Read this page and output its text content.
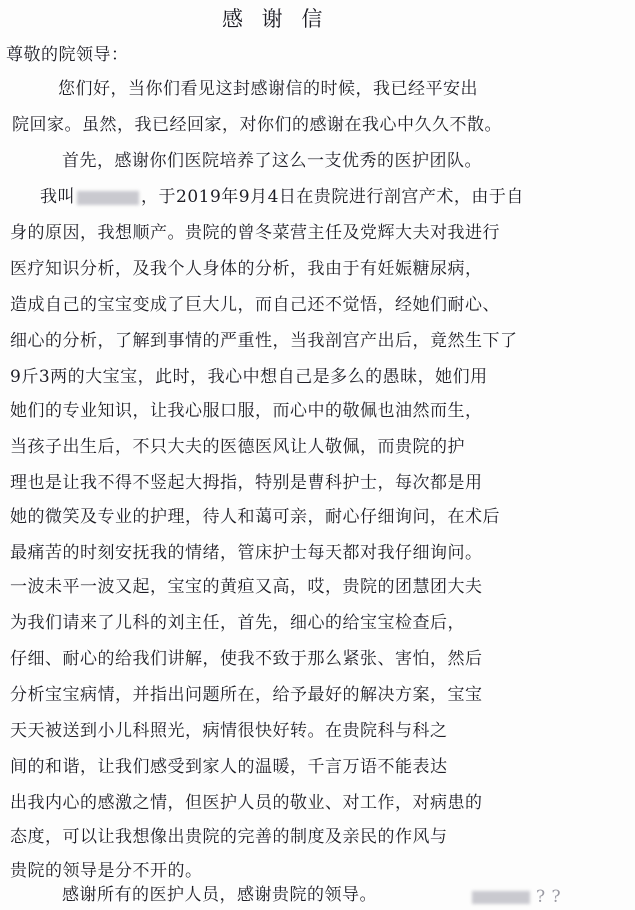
感 谢 信
尊敬的院领导：
您们好，当你们看见这封感谢信的时候，我已经平安出
院回家。虽然，我已经回家，对你们的感谢在我心中久久不散。
首先，感谢你们医院培养了这么一支优秀的医护团队。
我叫	，于2019年9月4日在贵院进行剖宫产术，由于自
身的原因，我想顺产。贵院的曾冬菜营主任及党辉大夫对我进行
医疗知识分析，及我个人身体的分析，我由于有妊娠糖尿病，
造成自己的宝宝变成了巨大儿，而自己还不觉悟，经她们耐心、
细心的分析，了解到事情的严重性，当我剖宫产出后，竟然生下了
9斤3两的大宝宝，此时，我心中想自己是多么的愚昧，她们用
她们的专业知识，让我心服口服，而心中的敬佩也油然而生，
当孩子出生后，不只大夫的医德医风让人敬佩，而贵院的护
理也是让我不得不竖起大拇指，特别是曹科护士，每次都是用
她的微笑及专业的护理，待人和蔼可亲，耐心仔细询问，在术后
最痛苦的时刻安抚我的情绪，管床护士每天都对我仔细询问。
一波未平一波又起，宝宝的黄疸又高，哎，贵院的团慧团大夫
为我们请来了儿科的刘主任，首先，细心的给宝宝检查后，
仔细、耐心的给我们讲解，使我不致于那么紧张、害怕，然后
分析宝宝病情，并指出问题所在，给予最好的解决方案，宝宝
天天被送到小儿科照光，病情很快好转。在贵院科与科之
间的和谐，让我们感受到家人的温暖，千言万语不能表达
出我内心的感激之情，但医护人员的敬业、对工作，对病患的
态度，可以让我想像出贵院的完善的制度及亲民的作风与
贵院的领导是分不开的。
感谢所有的医护人员，感谢贵院的领导。	? ?
